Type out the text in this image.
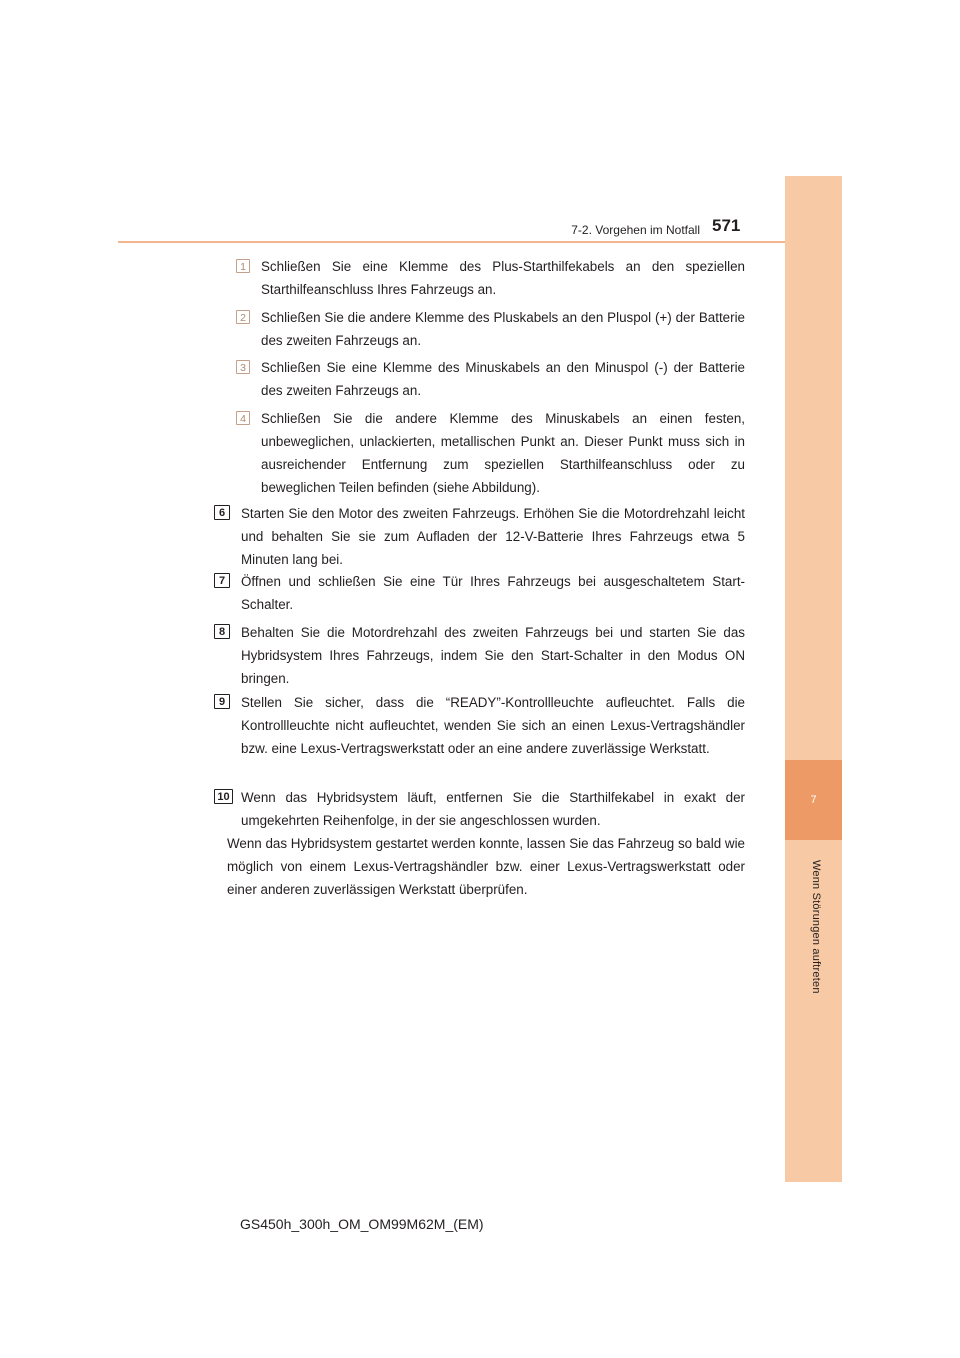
7
Wenn Störungen auftreten
7-2. Vorgehen im Notfall 571
1	Schließen Sie eine Klemme des Plus-Starthilfekabels an den speziellen Starthilfeanschluss Ihres Fahrzeugs an.
2	Schließen Sie die andere Klemme des Pluskabels an den Pluspol (+) der Batterie des zweiten Fahrzeugs an.
3	Schließen Sie eine Klemme des Minuskabels an den Minuspol (-) der Batterie des zweiten Fahrzeugs an.
4	Schließen Sie die andere Klemme des Minuskabels an einen festen, unbeweglichen, unlackierten, metallischen Punkt an. Dieser Punkt muss sich in ausreichender Entfernung zum speziellen Starthilfeanschluss oder zu beweglichen Teilen befinden (siehe Abbildung).
6	Starten Sie den Motor des zweiten Fahrzeugs. Erhöhen Sie die Motordrehzahl leicht und behalten Sie sie zum Aufladen der 12-V-Batterie Ihres Fahrzeugs etwa 5 Minuten lang bei.
7	Öffnen und schließen Sie eine Tür Ihres Fahrzeugs bei ausgeschaltetem Start-Schalter.
8	Behalten Sie die Motordrehzahl des zweiten Fahrzeugs bei und starten Sie das Hybridsystem Ihres Fahrzeugs, indem Sie den Start-Schalter in den Modus ON bringen.
9	Stellen Sie sicher, dass die “READY”-Kontrollleuchte aufleuchtet. Falls die Kontrollleuchte nicht aufleuchtet, wenden Sie sich an einen Lexus-Vertragshändler bzw. eine Lexus-Vertragswerkstatt oder an eine andere zuverlässige Werkstatt.
10 Wenn das Hybridsystem läuft, entfernen Sie die Starthilfekabel in exakt der umgekehrten Reihenfolge, in der sie angeschlossen wurden.
Wenn das Hybridsystem gestartet werden konnte, lassen Sie das Fahrzeug so bald wie möglich von einem Lexus-Vertragshändler bzw. einer Lexus-Vertragswerkstatt oder einer anderen zuverlässigen Werkstatt überprüfen.
GS450h_300h_OM_OM99M62M_(EM)
